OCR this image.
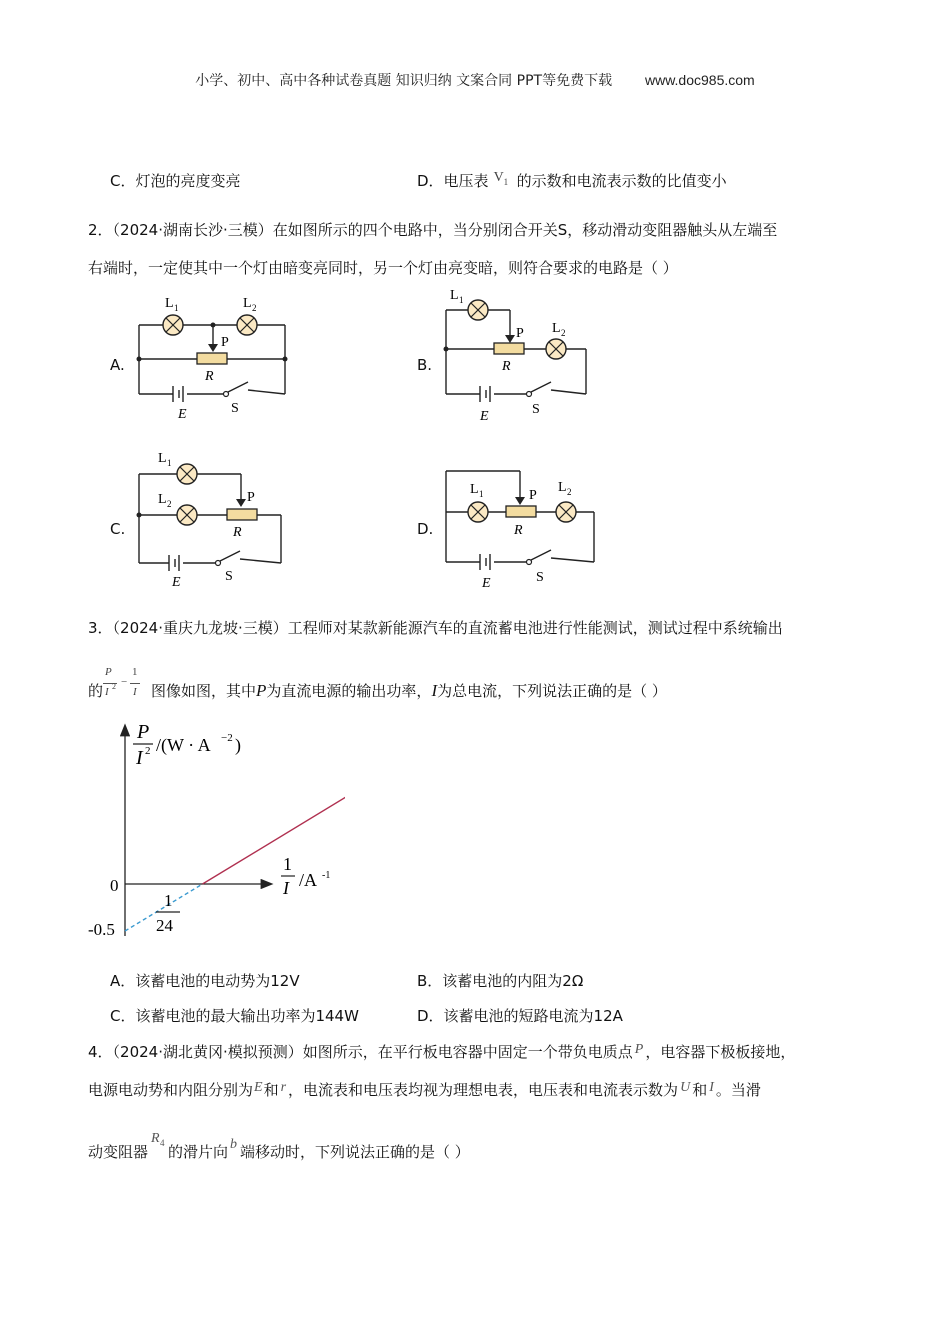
小学、初中、高中各种试卷真题 知识归纳 文案合同 PPT等免费下载 www.doc985.com
C．灯泡的亮度变亮	D．电压表 V 1 的示数和电流表示数的比值变小
2．（2024·湖南长沙·三模）在如图所示的四个电路中，当分别闭合开关S，移动滑动变阻器触头从左端至
右端时，一定使其中一个灯由暗变亮同时，另一个灯由亮变暗，则符合要求的电路是（ ）
A.	B.
C.	D.
L 1	L 2
P
R
E	S
L 1
L 2
P
R
E	S
L 1
L 2	P
R
E	S
L 1	L 2
P
R
E	S
3．（2024·重庆九龙坡·三模）工程师对某款新能源汽车的直流蓄电池进行性能测试，测试过程中系统输出
的
P
I 2 −
1
I 图像如图，其中P为直流电源的输出功率，I为总电流，下列说法正确的是（ ）
P
I 2 /(W · A −2 )
1
I /A -1
0
-0.5
1
24
A．该蓄电池的电动势为12V	B．该蓄电池的内阻为2Ω
C．该蓄电池的最大输出功率为144W	D．该蓄电池的短路电流为12A
4．（2024·湖北黄冈·模拟预测）如图所示，在平行板电容器中固定一个带负电质点 P ，电容器下极板接地，
电源电动势和内阻分别为E和 r ，电流表和电压表均视为理想电表，电压表和电流表示数为 U 和 I 。当滑
动变阻器
R 4 的滑片向 b 端移动时，下列说法正确的是（ ）
